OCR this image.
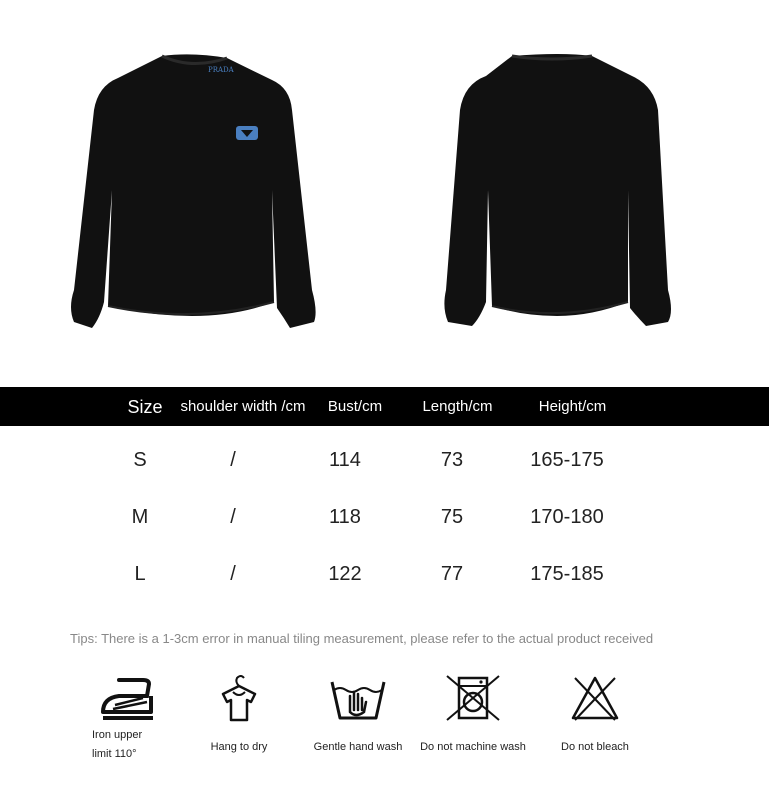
PRADA
Size	shoulder width /cm	Bust/cm	Length/cm	Height/cm
S	/	114	73	165-175
M	/	118	75	170-180
L	/	122	77	175-185
Tips: There is a 1-3cm error in manual tiling measurement, please refer to the actual product received
Iron upper limit 110°
Hang to dry	Gentle hand wash	Do not machine wash	Do not bleach
